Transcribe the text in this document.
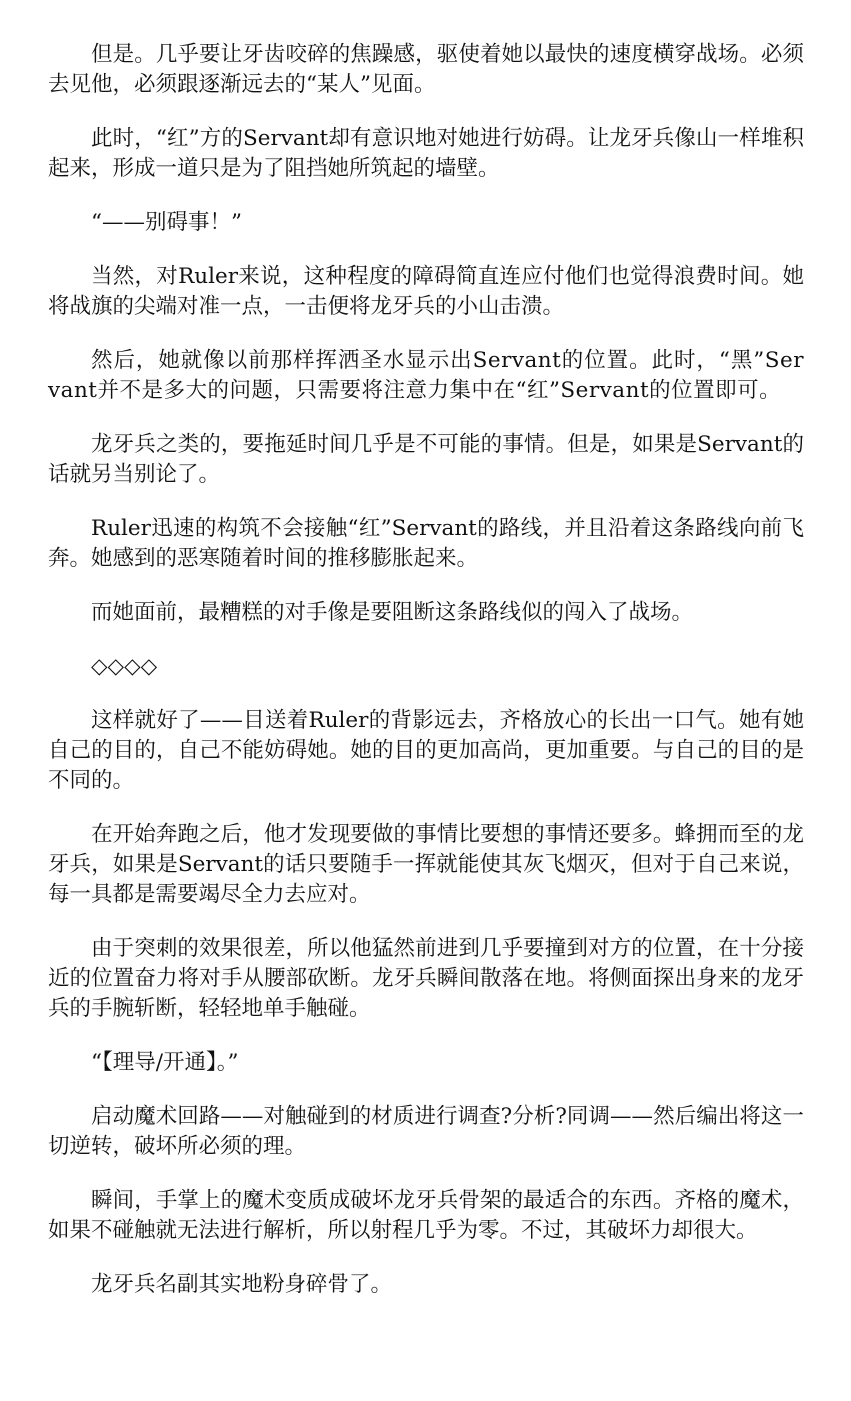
但是。几乎要让牙齿咬碎的焦躁感，驱使着她以最快的速度横穿战场。必须去见他，必须跟逐渐远去的“某人”见面。

此时，“红”方的Servant却有意识地对她进行妨碍。让龙牙兵像山一样堆积起来，形成一道只是为了阻挡她所筑起的墙壁。

“——别碍事！”

当然，对Ruler来说，这种程度的障碍简直连应付他们也觉得浪费时间。她将战旗的尖端对准一点，一击便将龙牙兵的小山击溃。

然后，她就像以前那样挥洒圣水显示出Servant的位置。此时，“黑”Servant并不是多大的问题，只需要将注意力集中在“红”Servant的位置即可。

龙牙兵之类的，要拖延时间几乎是不可能的事情。但是，如果是Servant的话就另当别论了。

Ruler迅速的构筑不会接触“红”Servant的路线，并且沿着这条路线向前飞奔。她感到的恶寒随着时间的推移膨胀起来。

而她面前，最糟糕的对手像是要阻断这条路线似的闯入了战场。

◇◇◇◇

这样就好了——目送着Ruler的背影远去，齐格放心的长出一口气。她有她自己的目的，自己不能妨碍她。她的目的更加高尚，更加重要。与自己的目的是不同的。

在开始奔跑之后，他才发现要做的事情比要想的事情还要多。蜂拥而至的龙牙兵，如果是Servant的话只要随手一挥就能使其灰飞烟灭，但对于自己来说，每一具都是需要竭尽全力去应对。

由于突刺的效果很差，所以他猛然前进到几乎要撞到对方的位置，在十分接近的位置奋力将对手从腰部砍断。龙牙兵瞬间散落在地。将侧面探出身来的龙牙兵的手腕斩断，轻轻地单手触碰。

“【理导/开通】。”

启动魔术回路——对触碰到的材质进行调查?分析?同调——然后编出将这一切逆转，破坏所必须的理。

瞬间，手掌上的魔术变质成破坏龙牙兵骨架的最适合的东西。齐格的魔术，如果不碰触就无法进行解析，所以射程几乎为零。不过，其破坏力却很大。

龙牙兵名副其实地粉身碎骨了。
